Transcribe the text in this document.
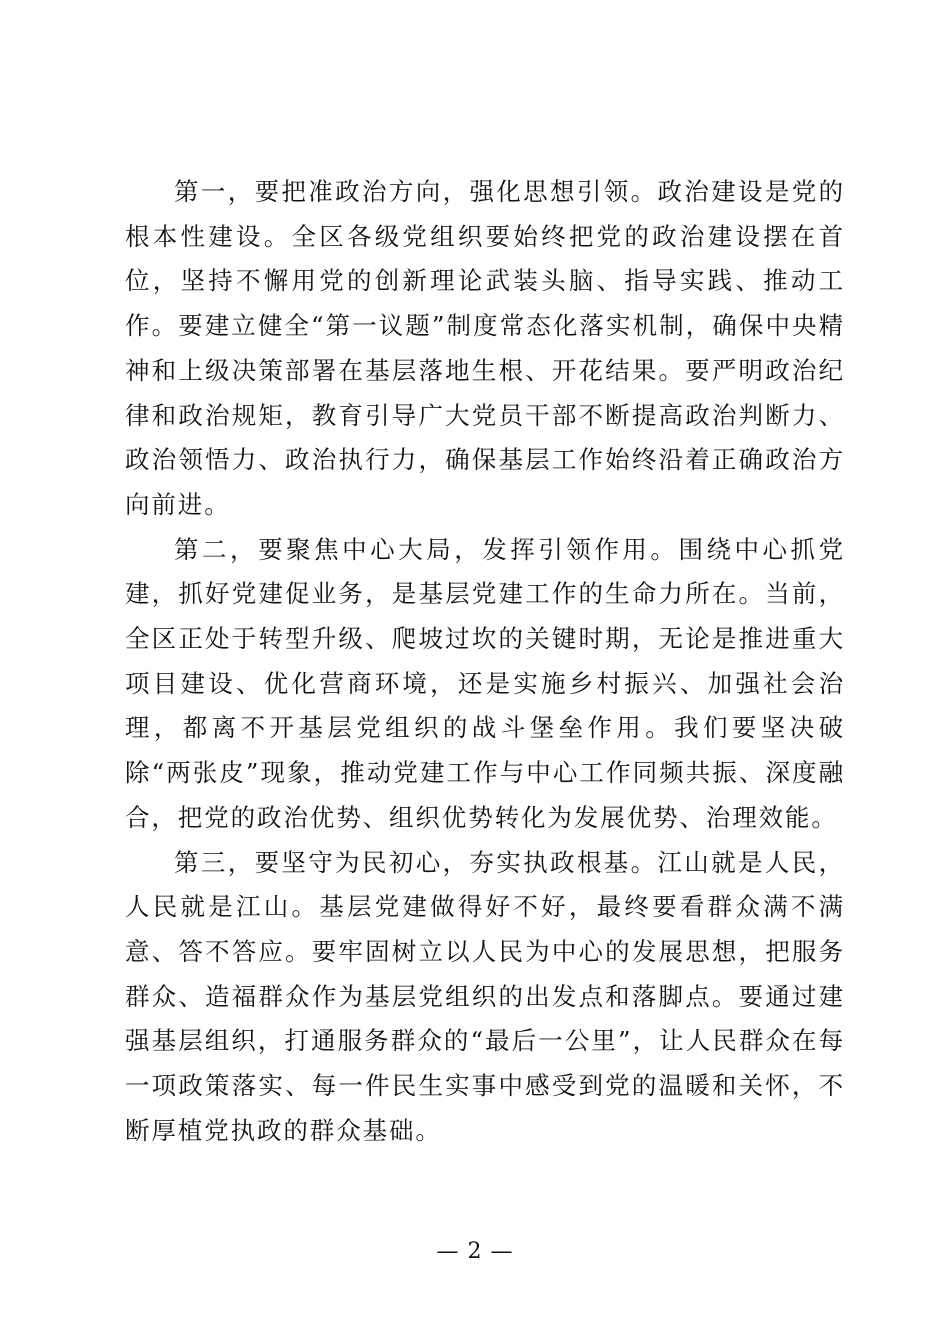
第一，要把准政治方向，强化思想引领。政治建设是党的根本性建设。全区各级党组织要始终把党的政治建设摆在首位，坚持不懈用党的创新理论武装头脑、指导实践、推动工作。要建立健全“第一议题”制度常态化落实机制，确保中央精神和上级决策部署在基层落地生根、开花结果。要严明政治纪律和政治规矩，教育引导广大党员干部不断提高政治判断力、政治领悟力、政治执行力，确保基层工作始终沿着正确政治方向前进。

第二，要聚焦中心大局，发挥引领作用。围绕中心抓党建，抓好党建促业务，是基层党建工作的生命力所在。当前，全区正处于转型升级、爬坡过坎的关键时期，无论是推进重大项目建设、优化营商环境，还是实施乡村振兴、加强社会治理，都离不开基层党组织的战斗堡垒作用。我们要坚决破除“两张皮”现象，推动党建工作与中心工作同频共振、深度融合，把党的政治优势、组织优势转化为发展优势、治理效能。

第三，要坚守为民初心，夯实执政根基。江山就是人民，人民就是江山。基层党建做得好不好，最终要看群众满不满意、答不答应。要牢固树立以人民为中心的发展思想，把服务群众、造福群众作为基层党组织的出发点和落脚点。要通过建强基层组织，打通服务群众的“最后一公里”，让人民群众在每一项政策落实、每一件民生实事中感受到党的温暖和关怀，不断厚植党执政的群众基础。

— 2 —
